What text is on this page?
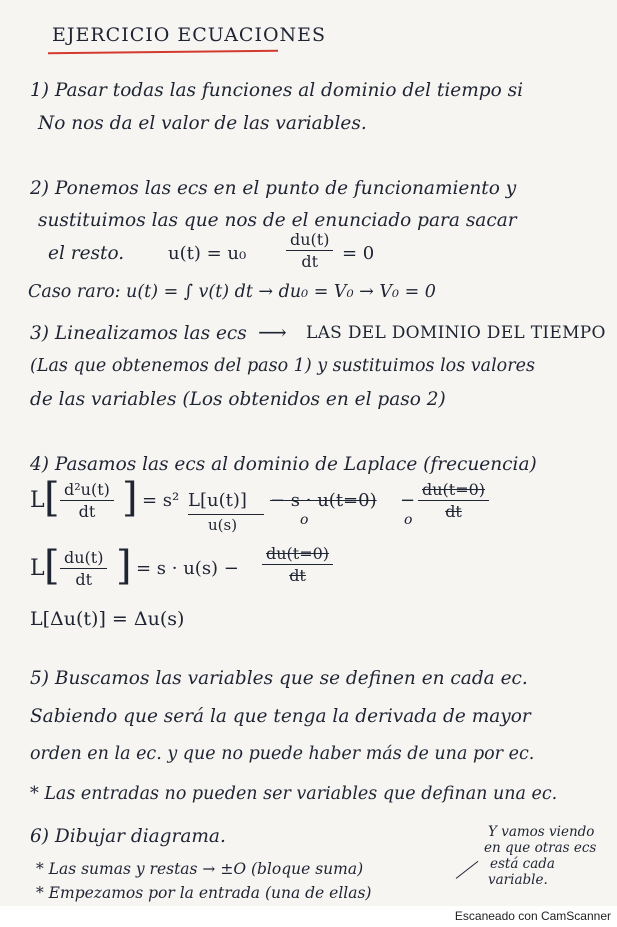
EJERCICIO ECUACIONES
1) Pasar todas las funciones al dominio del tiempo si
No nos da el valor de las variables.
2) Ponemos las ecs en el punto de funcionamiento y
sustituimos las que nos de el enunciado para sacar
el resto. $u(t) = u_0 \frac{du(t)}{dt} = 0$
Caso raro: u(t) = ∫ v(t) dt → du₀ = V₀ → V₀ = 0
3) Linealizamos las ecs ⟶ LAS DEL DOMINIO DEL TIEMPO
(Las que obtenemos del paso 1) y sustituimos los valores
de las variables (Los obtenidos en el paso 2)
4) Pasamos las ecs al dominio de Laplace (frecuencia)
L [ $\frac{\text{d²u(t)}}{dt}$ ] = s² L[u(t)]
u(s)
− s · u(t=0)
o
− $\frac{du(t=0)}{dt}$
o
L [ $\frac{du(t)}{dt}$ ] = $s \cdot u(s) - \frac{du(t=0)}{dt}$
L[Δu(t)] = Δu(s)
5) Buscamos las variables que se definen en cada ec.
Sabiendo que será la que tenga la derivada de mayor
orden en la ec. y que no puede haber más de una por ec.
* Las entradas no pueden ser variables que definan una ec.
6) Dibujar diagrama.
* Las sumas y restas → ±O (bloque suma)
* Empezamos por la entrada (una de ellas)
Y vamos viendo
en que otras ecs
está cada
variable.
Escaneado con CamScanner
